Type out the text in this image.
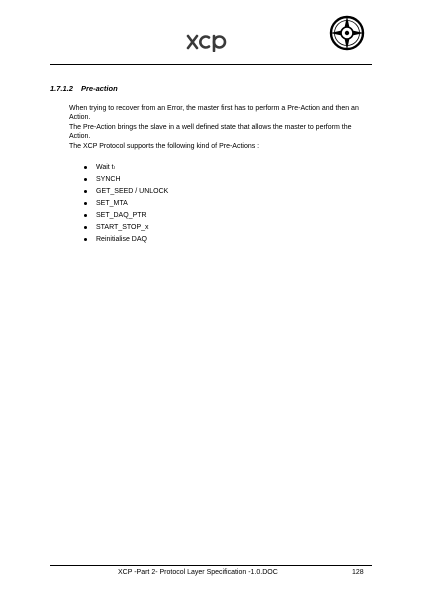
1.7.1.2 Pre-action
When trying to recover from an Error, the master first has to perform a Pre-Action and then an Action.
The Pre-Action brings the slave in a well defined state that allows the master to perform the Action.
The XCP Protocol supports the following kind of Pre-Actions :
Wait tₗ
SYNCH
GET_SEED / UNLOCK
SET_MTA
SET_DAQ_PTR
START_STOP_x
Reinitialise DAQ
XCP -Part 2- Protocol Layer Specification -1.0.DOC	128
